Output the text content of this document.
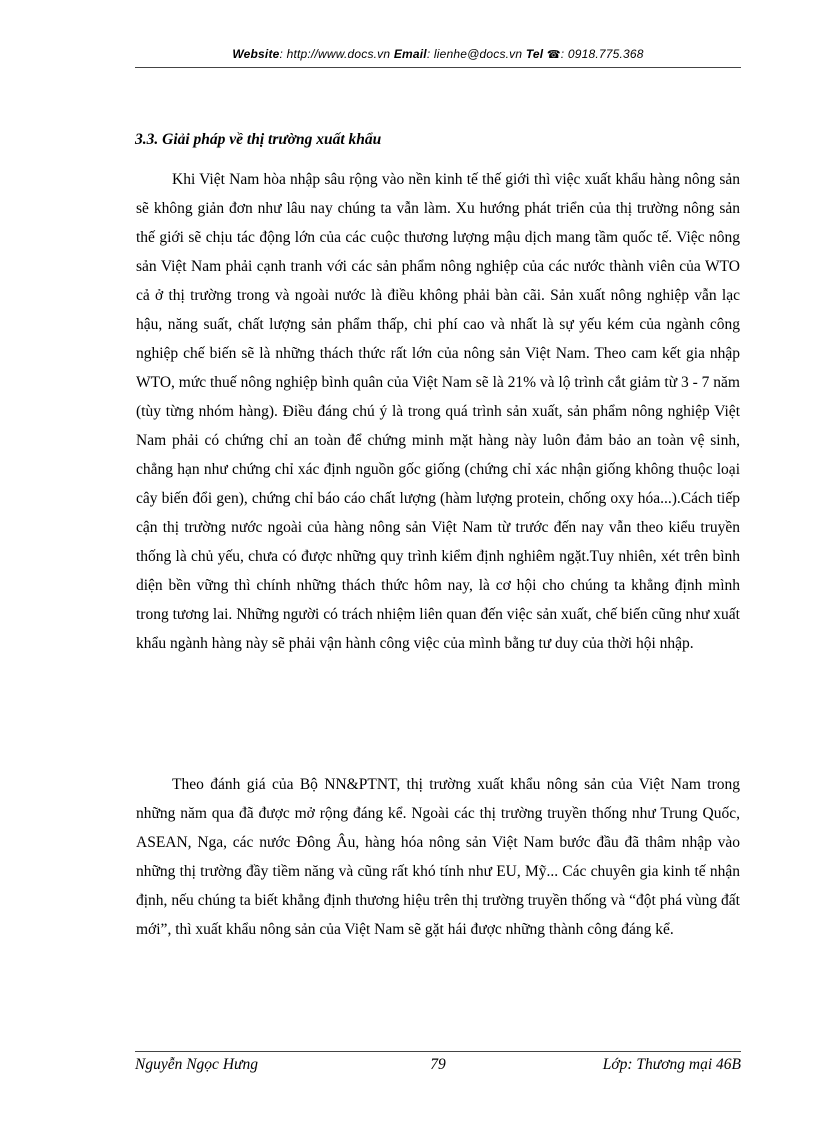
Website: http://www.docs.vn Email: lienhe@docs.vn Tel ☎: 0918.775.368
3.3. Giải pháp về thị trường xuất khẩu

Khi Việt Nam hòa nhập sâu rộng vào nền kinh tế thế giới thì việc xuất khẩu hàng nông sản sẽ không giản đơn như lâu nay chúng ta vẫn làm. Xu hướng phát triển của thị trường nông sản thế giới sẽ chịu tác động lớn của các cuộc thương lượng mậu dịch mang tầm quốc tế. Việc nông sản Việt Nam phải cạnh tranh với các sản phẩm nông nghiệp của các nước thành viên của WTO cả ở thị trường trong và ngoài nước là điều không phải bàn cãi. Sản xuất nông nghiệp vẫn lạc hậu, năng suất, chất lượng sản phẩm thấp, chi phí cao và nhất là sự yếu kém của ngành công nghiệp chế biến sẽ là những thách thức rất lớn của nông sản Việt Nam. Theo cam kết gia nhập WTO, mức thuế nông nghiệp bình quân của Việt Nam sẽ là 21% và lộ trình cắt giảm từ 3 - 7 năm (tùy từng nhóm hàng). Điều đáng chú ý là trong quá trình sản xuất, sản phẩm nông nghiệp Việt Nam phải có chứng chỉ an toàn để chứng minh mặt hàng này luôn đảm bảo an toàn vệ sinh, chẳng hạn như chứng chỉ xác định nguồn gốc giống (chứng chỉ xác nhận giống không thuộc loại cây biến đổi gen), chứng chỉ báo cáo chất lượng (hàm lượng protein, chống oxy hóa...).Cách tiếp cận thị trường nước ngoài của hàng nông sản Việt Nam từ trước đến nay vẫn theo kiểu truyền thống là chủ yếu, chưa có được những quy trình kiểm định nghiêm ngặt.Tuy nhiên, xét trên bình diện bền vững thì chính những thách thức hôm nay, là cơ hội cho chúng ta khẳng định mình trong tương lai. Những người có trách nhiệm liên quan đến việc sản xuất, chế biến cũng như xuất khẩu ngành hàng này sẽ phải vận hành công việc của mình bằng tư duy của thời hội nhập.

Theo đánh giá của Bộ NN&PTNT, thị trường xuất khẩu nông sản của Việt Nam trong những năm qua đã được mở rộng đáng kể. Ngoài các thị trường truyền thống như Trung Quốc, ASEAN, Nga, các nước Đông Âu, hàng hóa nông sản Việt Nam bước đầu đã thâm nhập vào những thị trường đầy tiềm năng và cũng rất khó tính như EU, Mỹ... Các chuyên gia kinh tế nhận định, nếu chúng ta biết khẳng định thương hiệu trên thị trường truyền thống và “đột phá vùng đất mới”, thì xuất khẩu nông sản của Việt Nam sẽ gặt hái được những thành công đáng kể.

Nguyễn Ngọc Hưng	79	Lớp: Thương mại 46B
